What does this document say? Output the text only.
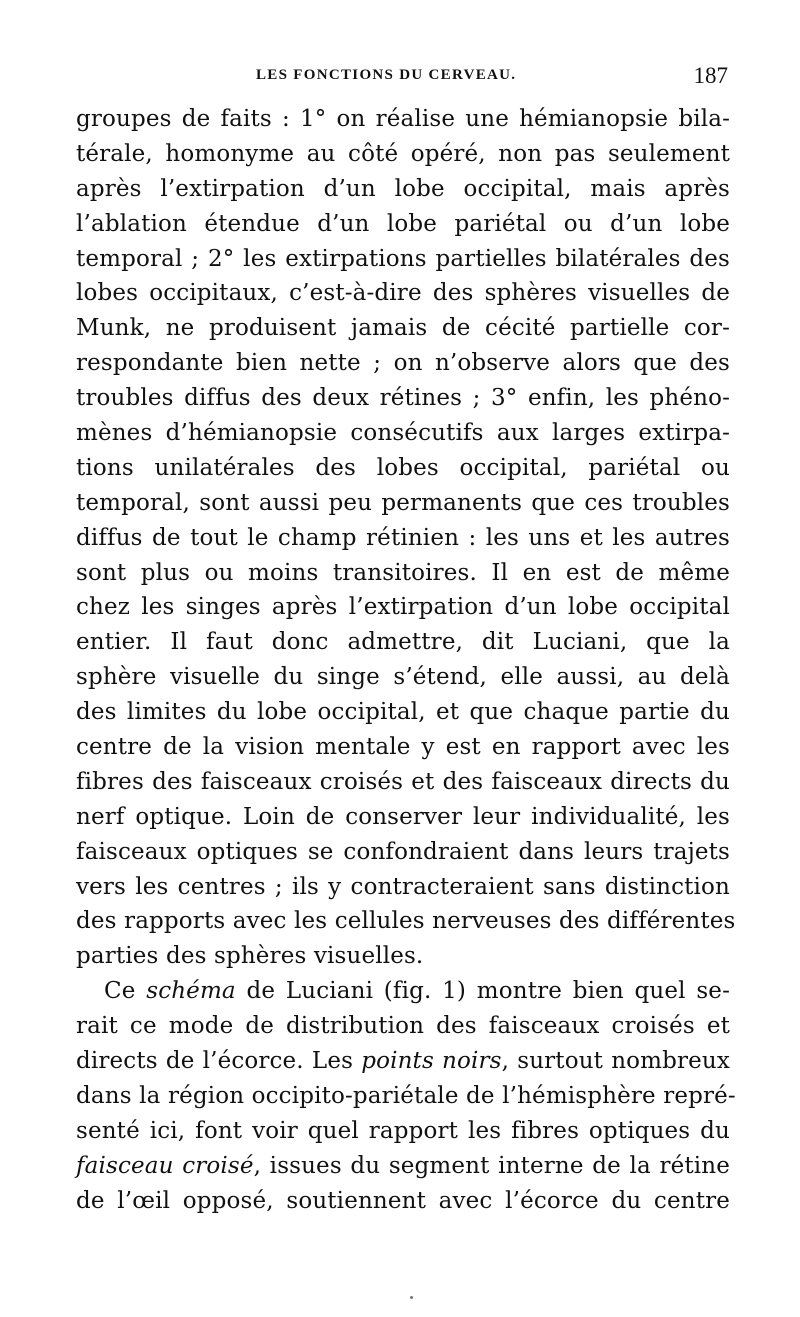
LES FONCTIONS DU CERVEAU.	187
groupes de faits : 1° on réalise une hémianopsie bila-
térale, homonyme au côté opéré, non pas seulement
après l’extirpation d’un lobe occipital, mais après
l’ablation étendue d’un lobe pariétal ou d’un lobe
temporal ; 2° les extirpations partielles bilatérales des
lobes occipitaux, c’est-à-dire des sphères visuelles de
Munk, ne produisent jamais de cécité partielle cor-
respondante bien nette ; on n’observe alors que des
troubles diffus des deux rétines ; 3° enfin, les phéno-
mènes d’hémianopsie consécutifs aux larges extirpa-
tions unilatérales des lobes occipital, pariétal ou
temporal, sont aussi peu permanents que ces troubles
diffus de tout le champ rétinien : les uns et les autres
sont plus ou moins transitoires. Il en est de même
chez les singes après l’extirpation d’un lobe occipital
entier. Il faut donc admettre, dit Luciani, que la
sphère visuelle du singe s’étend, elle aussi, au delà
des limites du lobe occipital, et que chaque partie du
centre de la vision mentale y est en rapport avec les
fibres des faisceaux croisés et des faisceaux directs du
nerf optique. Loin de conserver leur individualité, les
faisceaux optiques se confondraient dans leurs trajets
vers les centres ; ils y contracteraient sans distinction
des rapports avec les cellules nerveuses des différentes
parties des sphères visuelles.
Ce schéma de Luciani (fig. 1) montre bien quel se-
rait ce mode de distribution des faisceaux croisés et
directs de l’écorce. Les points noirs, surtout nombreux
dans la région occipito-pariétale de l’hémisphère repré-
senté ici, font voir quel rapport les fibres optiques du
faisceau croisé, issues du segment interne de la rétine
de l’œil opposé, soutiennent avec l’écorce du centre
